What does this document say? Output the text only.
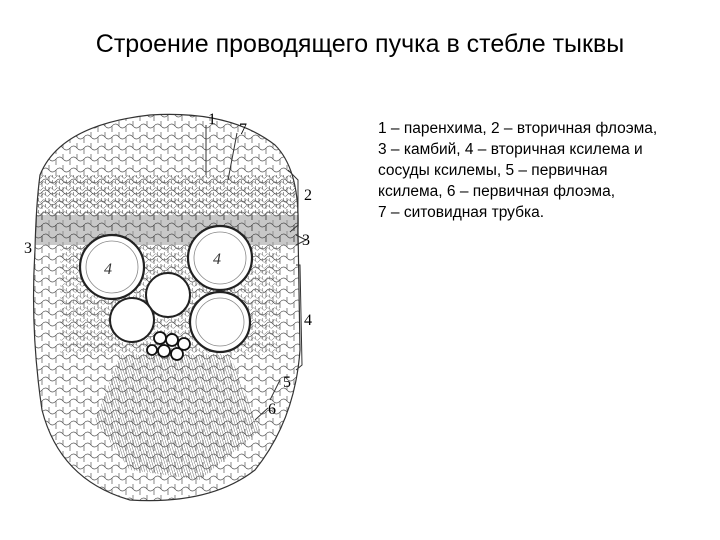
Строение проводящего пучка в стебле тыквы
1 – паренхима, 2 – вторичная флоэма,
3 – камбий, 4 – вторичная ксилема и
сосуды ксилемы, 5 – первичная
ксилема, 6 – первичная флоэма,
7 – ситовидная трубка.
4
4
1
7
2
3
3
4
5
6
